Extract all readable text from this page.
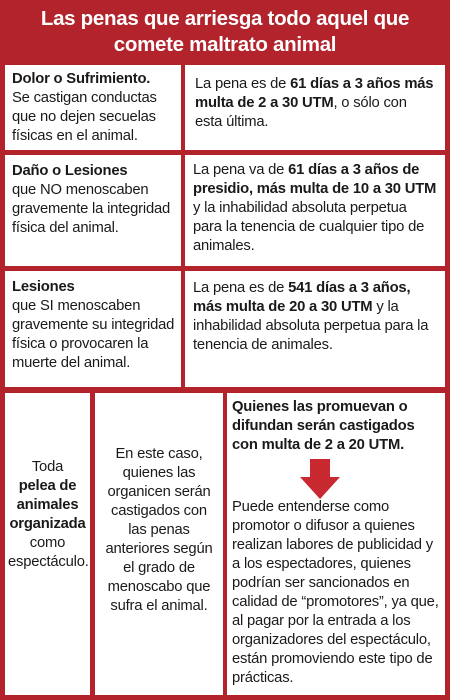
Las penas que arriesga todo aquel que
comete maltrato animal
Dolor o Sufrimiento.
Se castigan conductas que no dejen secuelas físicas en el animal.
La pena es de 61 días a 3 años más multa de 2 a 30 UTM, o sólo con esta última.
Daño o Lesiones
que NO menoscaben gravemente la integridad física del animal.
La pena va de 61 días a 3 años de presidio, más multa de 10 a 30 UTM y la inhabilidad absoluta perpetua para la tenencia de cualquier tipo de animales.
Lesiones
que SI menoscaben gravemente su integridad física o provocaren la muerte del animal.
La pena es de 541 días a 3 años, más multa de 20 a 30 UTM y la inhabilidad absoluta perpetua para la tenencia de animales.
Toda
pelea de animales organizada
como espectáculo.
En este caso, quienes las organicen serán castigados con las penas anteriores según el grado de menoscabo que sufra el animal.
Quienes las promuevan o difundan serán castigados con multa de 2 a 20 UTM.
Puede entenderse como promotor o difusor a quienes realizan labores de publicidad y a los espectadores, quienes podrían ser sancionados en calidad de “promotores”, ya que, al pagar por la entrada a los organizadores del espectáculo, están promoviendo este tipo de prácticas.
